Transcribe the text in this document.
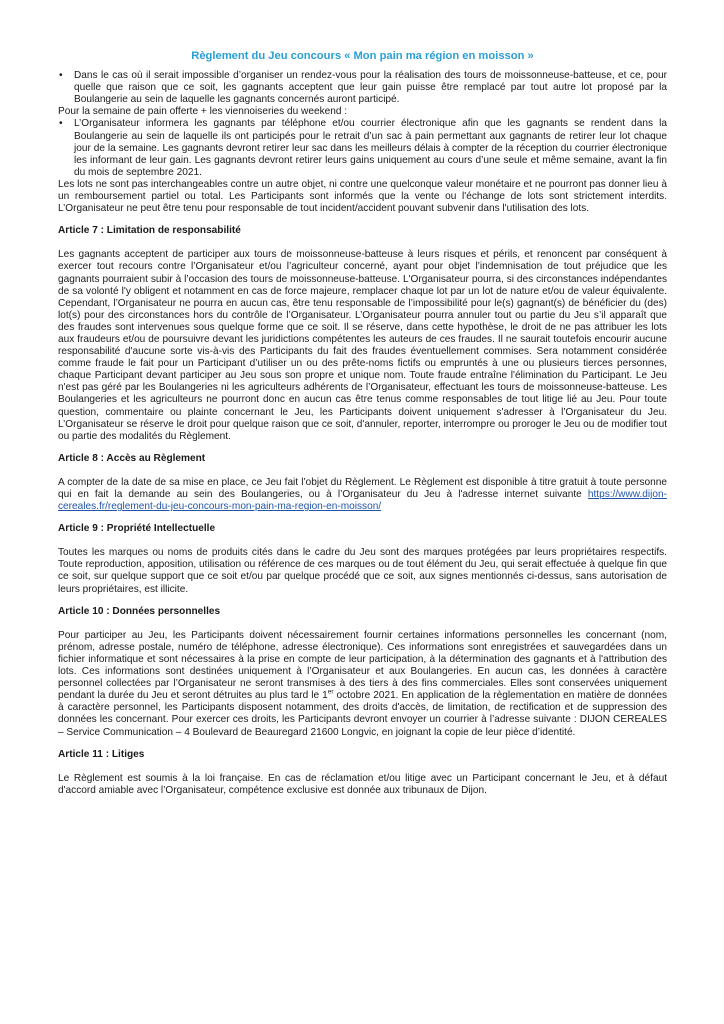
Règlement du Jeu concours « Mon pain ma région en moisson »
• Dans le cas où il serait impossible d’organiser un rendez-vous pour la réalisation des tours de moissonneuse-batteuse, et ce, pour quelle que raison que ce soit, les gagnants acceptent que leur gain puisse être remplacé par tout autre lot proposé par la Boulangerie au sein de laquelle les gagnants concernés auront participé.

Pour la semaine de pain offerte + les viennoiseries du weekend :

• L’Organisateur informera les gagnants par téléphone et/ou courrier électronique afin que les gagnants se rendent dans la Boulangerie au sein de laquelle ils ont participés pour le retrait d’un sac à pain permettant aux gagnants de retirer leur lot chaque jour de la semaine. Les gagnants devront retirer leur sac dans les meilleurs délais à compter de la réception du courrier électronique les informant de leur gain. Les gagnants devront retirer leurs gains uniquement au cours d’une seule et même semaine, avant la fin du mois de septembre 2021.

Les lots ne sont pas interchangeables contre un autre objet, ni contre une quelconque valeur monétaire et ne pourront pas donner lieu à un remboursement partiel ou total. Les Participants sont informés que la vente ou l'échange de lots sont strictement interdits. L’Organisateur ne peut être tenu pour responsable de tout incident/accident pouvant subvenir dans l'utilisation des lots.

Article 7 : Limitation de responsabilité

Les gagnants acceptent de participer aux tours de moissonneuse-batteuse à leurs risques et périls, et renoncent par conséquent à exercer tout recours contre l’Organisateur et/ou l’agriculteur concerné, ayant pour objet l’indemnisation de tout préjudice que les gagnants pourraient subir à l’occasion des tours de moissonneuse-batteuse. L'Organisateur pourra, si des circonstances indépendantes de sa volonté l'y obligent et notamment en cas de force majeure, remplacer chaque lot par un lot de nature et/ou de valeur équivalente. Cependant, l’Organisateur ne pourra en aucun cas, être tenu responsable de l’impossibilité pour le(s) gagnant(s) de bénéficier du (des) lot(s) pour des circonstances hors du contrôle de l’Organisateur. L’Organisateur pourra annuler tout ou partie du Jeu s’il apparaît que des fraudes sont intervenues sous quelque forme que ce soit. Il se réserve, dans cette hypothèse, le droit de ne pas attribuer les lots aux fraudeurs et/ou de poursuivre devant les juridictions compétentes les auteurs de ces fraudes. Il ne saurait toutefois encourir aucune responsabilité d'aucune sorte vis-à-vis des Participants du fait des fraudes éventuellement commises. Sera notamment considérée comme fraude le fait pour un Participant d’utiliser un ou des prête-noms fictifs ou empruntés à une ou plusieurs tierces personnes, chaque Participant devant participer au Jeu sous son propre et unique nom. Toute fraude entraîne l'élimination du Participant. Le Jeu n'est pas géré par les Boulangeries ni les agriculteurs adhérents de l’Organisateur, effectuant les tours de moissonneuse-batteuse. Les Boulangeries et les agriculteurs ne pourront donc en aucun cas être tenus comme responsables de tout litige lié au Jeu. Pour toute question, commentaire ou plainte concernant le Jeu, les Participants doivent uniquement s'adresser à l’Organisateur du Jeu. L’Organisateur se réserve le droit pour quelque raison que ce soit, d'annuler, reporter, interrompre ou proroger le Jeu ou de modifier tout ou partie des modalités du Règlement.

Article 8 : Accès au Règlement

A compter de la date de sa mise en place, ce Jeu fait l’objet du Règlement. Le Règlement est disponible à titre gratuit à toute personne qui en fait la demande au sein des Boulangeries, ou à l’Organisateur du Jeu à l'adresse internet suivante https://www.dijon-cereales.fr/reglement-du-jeu-concours-mon-pain-ma-region-en-moisson/

Article 9 : Propriété Intellectuelle

Toutes les marques ou noms de produits cités dans le cadre du Jeu sont des marques protégées par leurs propriétaires respectifs. Toute reproduction, apposition, utilisation ou référence de ces marques ou de tout élément du Jeu, qui serait effectuée à quelque fin que ce soit, sur quelque support que ce soit et/ou par quelque procédé que ce soit, aux signes mentionnés ci-dessus, sans autorisation de leurs propriétaires, est illicite.

Article 10 : Données personnelles

Pour participer au Jeu, les Participants doivent nécessairement fournir certaines informations personnelles les concernant (nom, prénom, adresse postale, numéro de téléphone, adresse électronique). Ces informations sont enregistrées et sauvegardées dans un fichier informatique et sont nécessaires à la prise en compte de leur participation, à la détermination des gagnants et à l'attribution des lots. Ces informations sont destinées uniquement à l’Organisateur et aux Boulangeries. En aucun cas, les données à caractère personnel collectées par l’Organisateur ne seront transmises à des tiers à des fins commerciales. Elles sont conservées uniquement pendant la durée du Jeu et seront détruites au plus tard le 1er octobre 2021. En application de la règlementation en matière de données à caractère personnel, les Participants disposent notamment, des droits d'accès, de limitation, de rectification et de suppression des données les concernant. Pour exercer ces droits, les Participants devront envoyer un courrier à l’adresse suivante : DIJON CEREALES – Service Communication – 4 Boulevard de Beauregard 21600 Longvic, en joignant la copie de leur pièce d’identité.

Article 11 : Litiges

Le Règlement est soumis à la loi française. En cas de réclamation et/ou litige avec un Participant concernant le Jeu, et à défaut d'accord amiable avec l’Organisateur, compétence exclusive est donnée aux tribunaux de Dijon.
